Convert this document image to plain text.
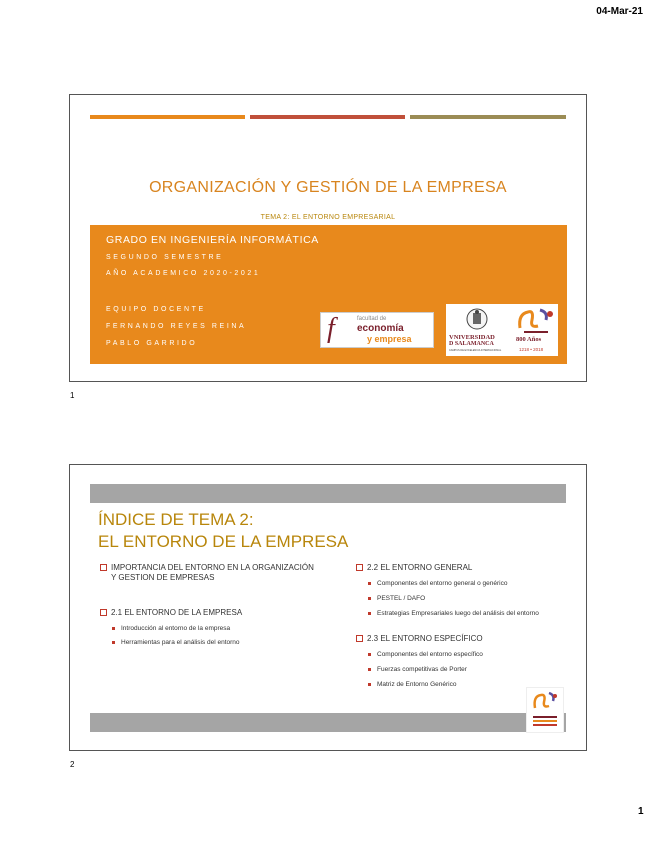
04-Mar-21
ORGANIZACIÓN Y GESTIÓN DE LA EMPRESA
TEMA 2: EL ENTORNO EMPRESARIAL
GRADO EN INGENIERÍA INFORMÁTICA
SEGUNDO SEMESTRE
AÑO ACADEMICO 2020-2021
EQUIPO DOCENTE
FERNANDO REYES REINA
PABLO GARRIDO	f	facultad de
economía
y empresa	VNIVERSIDAD
D SALAMANCA
CAMPUS DE EXCELENCIA INTERNACIONAL
800 Años
1218 • 2018
1
ÍNDICE DE TEMA 2:
EL ENTORNO DE LA EMPRESA
IMPORTANCIA DEL ENTORNO EN LA ORGANIZACIÓN Y GESTION DE EMPRESAS
2.1 EL ENTORNO DE LA EMPRESA
Introducción al entorno de la empresa
Herramientas para el análisis del entorno
2.2 EL ENTORNO GENERAL
Componentes del entorno general o genérico
PESTEL / DAFO
Estrategias Empresariales luego del análisis del entorno
2.3 EL ENTORNO ESPECÍFICO
Componentes del entorno específico
Fuerzas competitivas de Porter
Matriz de Entorno Genérico
2
1
